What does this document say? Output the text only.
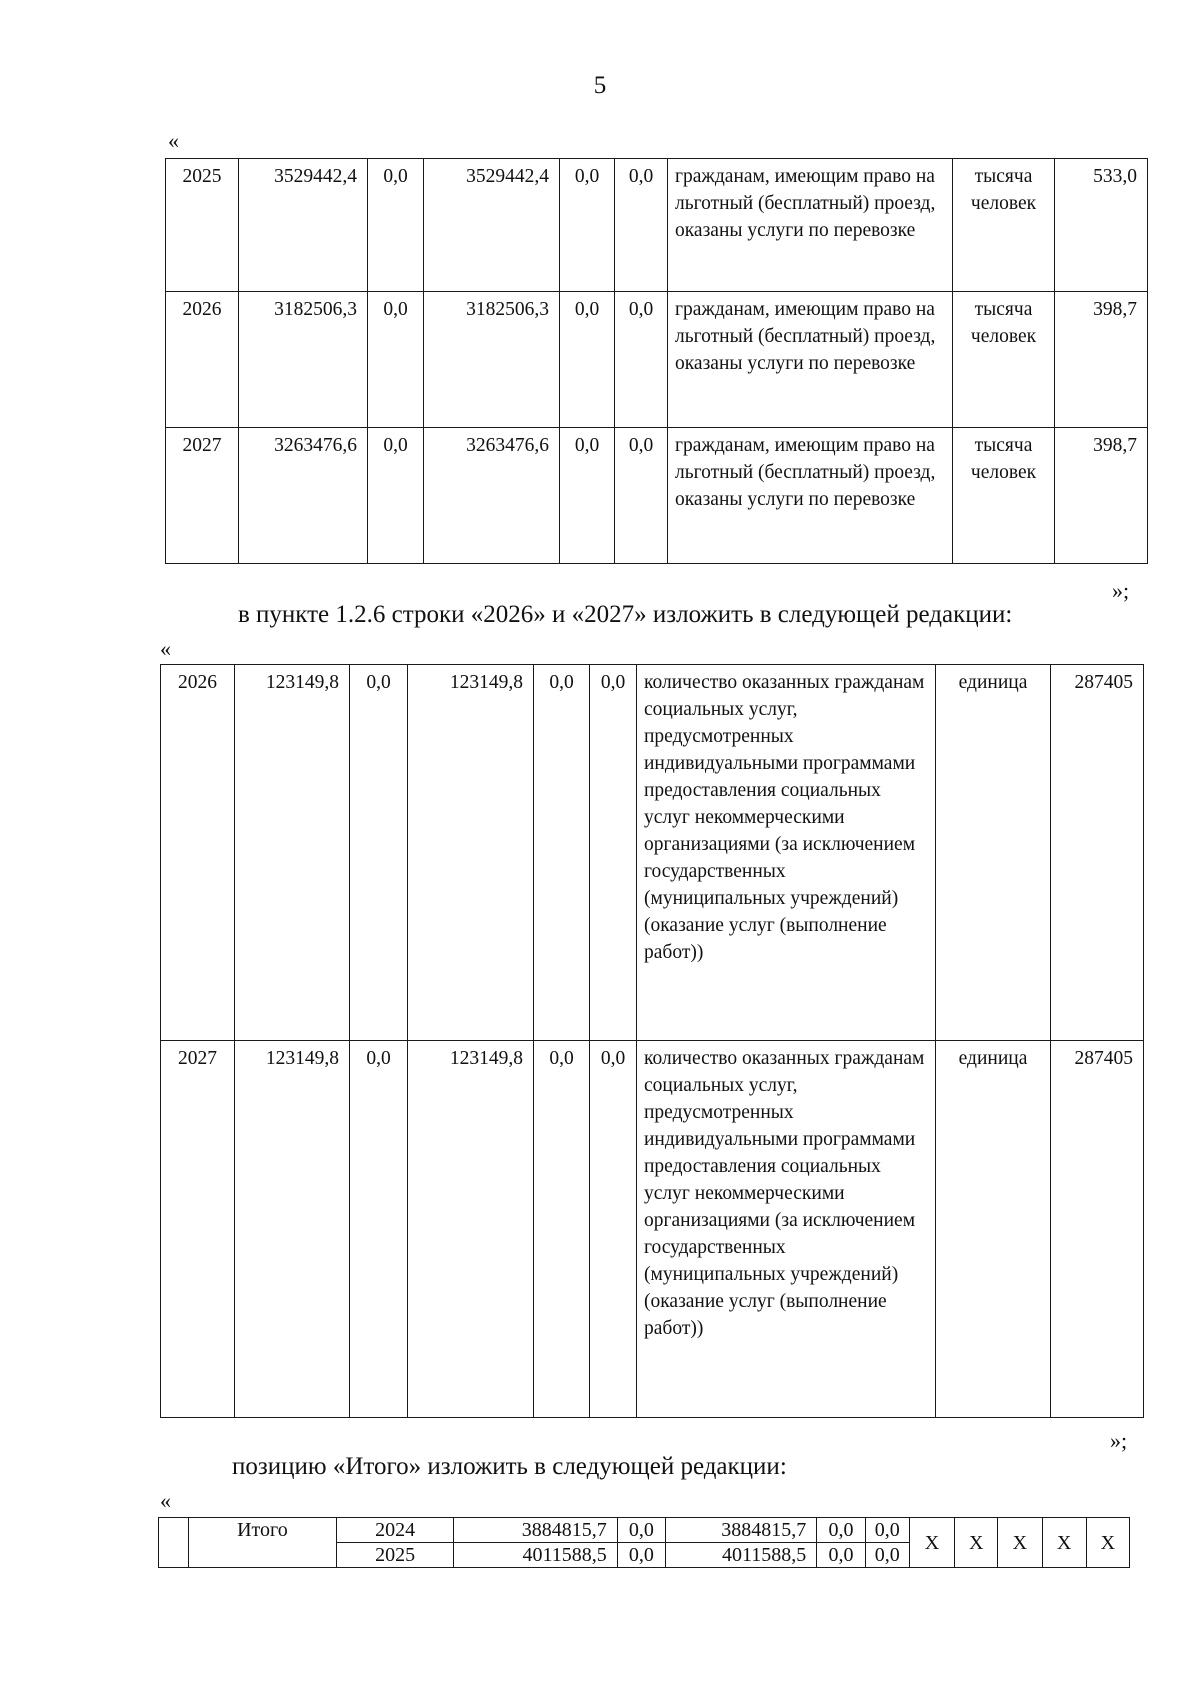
5
«
2025	3529442,4	0,0	3529442,4	0,0	0,0	гражданам, имеющим право на льготный (бесплатный) проезд, оказаны услуги по перевозке	тысяча человек	533,0
2026	3182506,3	0,0	3182506,3	0,0	0,0	гражданам, имеющим право на льготный (бесплатный) проезд, оказаны услуги по перевозке	тысяча человек	398,7
2027	3263476,6	0,0	3263476,6	0,0	0,0	гражданам, имеющим право на льготный (бесплатный) проезд, оказаны услуги по перевозке	тысяча человек	398,7
»;
в пункте 1.2.6 строки «2026» и «2027» изложить в следующей редакции:
«
2026	123149,8	0,0	123149,8	0,0	0,0	количество оказанных гражданам социальных услуг, предусмотренных индивидуальными программами предоставления социальных услуг некоммерческими организациями (за исключением государственных (муниципальных учреждений) (оказание услуг (выполнение работ))	единица	287405
2027	123149,8	0,0	123149,8	0,0	0,0	количество оказанных гражданам социальных услуг, предусмотренных индивидуальными программами предоставления социальных услуг некоммерческими организациями (за исключением государственных (муниципальных учреждений) (оказание услуг (выполнение работ))	единица	287405
»;
позицию «Итого» изложить в следующей редакции:
«
	Итого	2024	3884815,7	0,0	3884815,7	0,0	0,0	Х	Х	Х	Х	Х
		2025	4011588,5	0,0	4011588,5	0,0	0,0					
